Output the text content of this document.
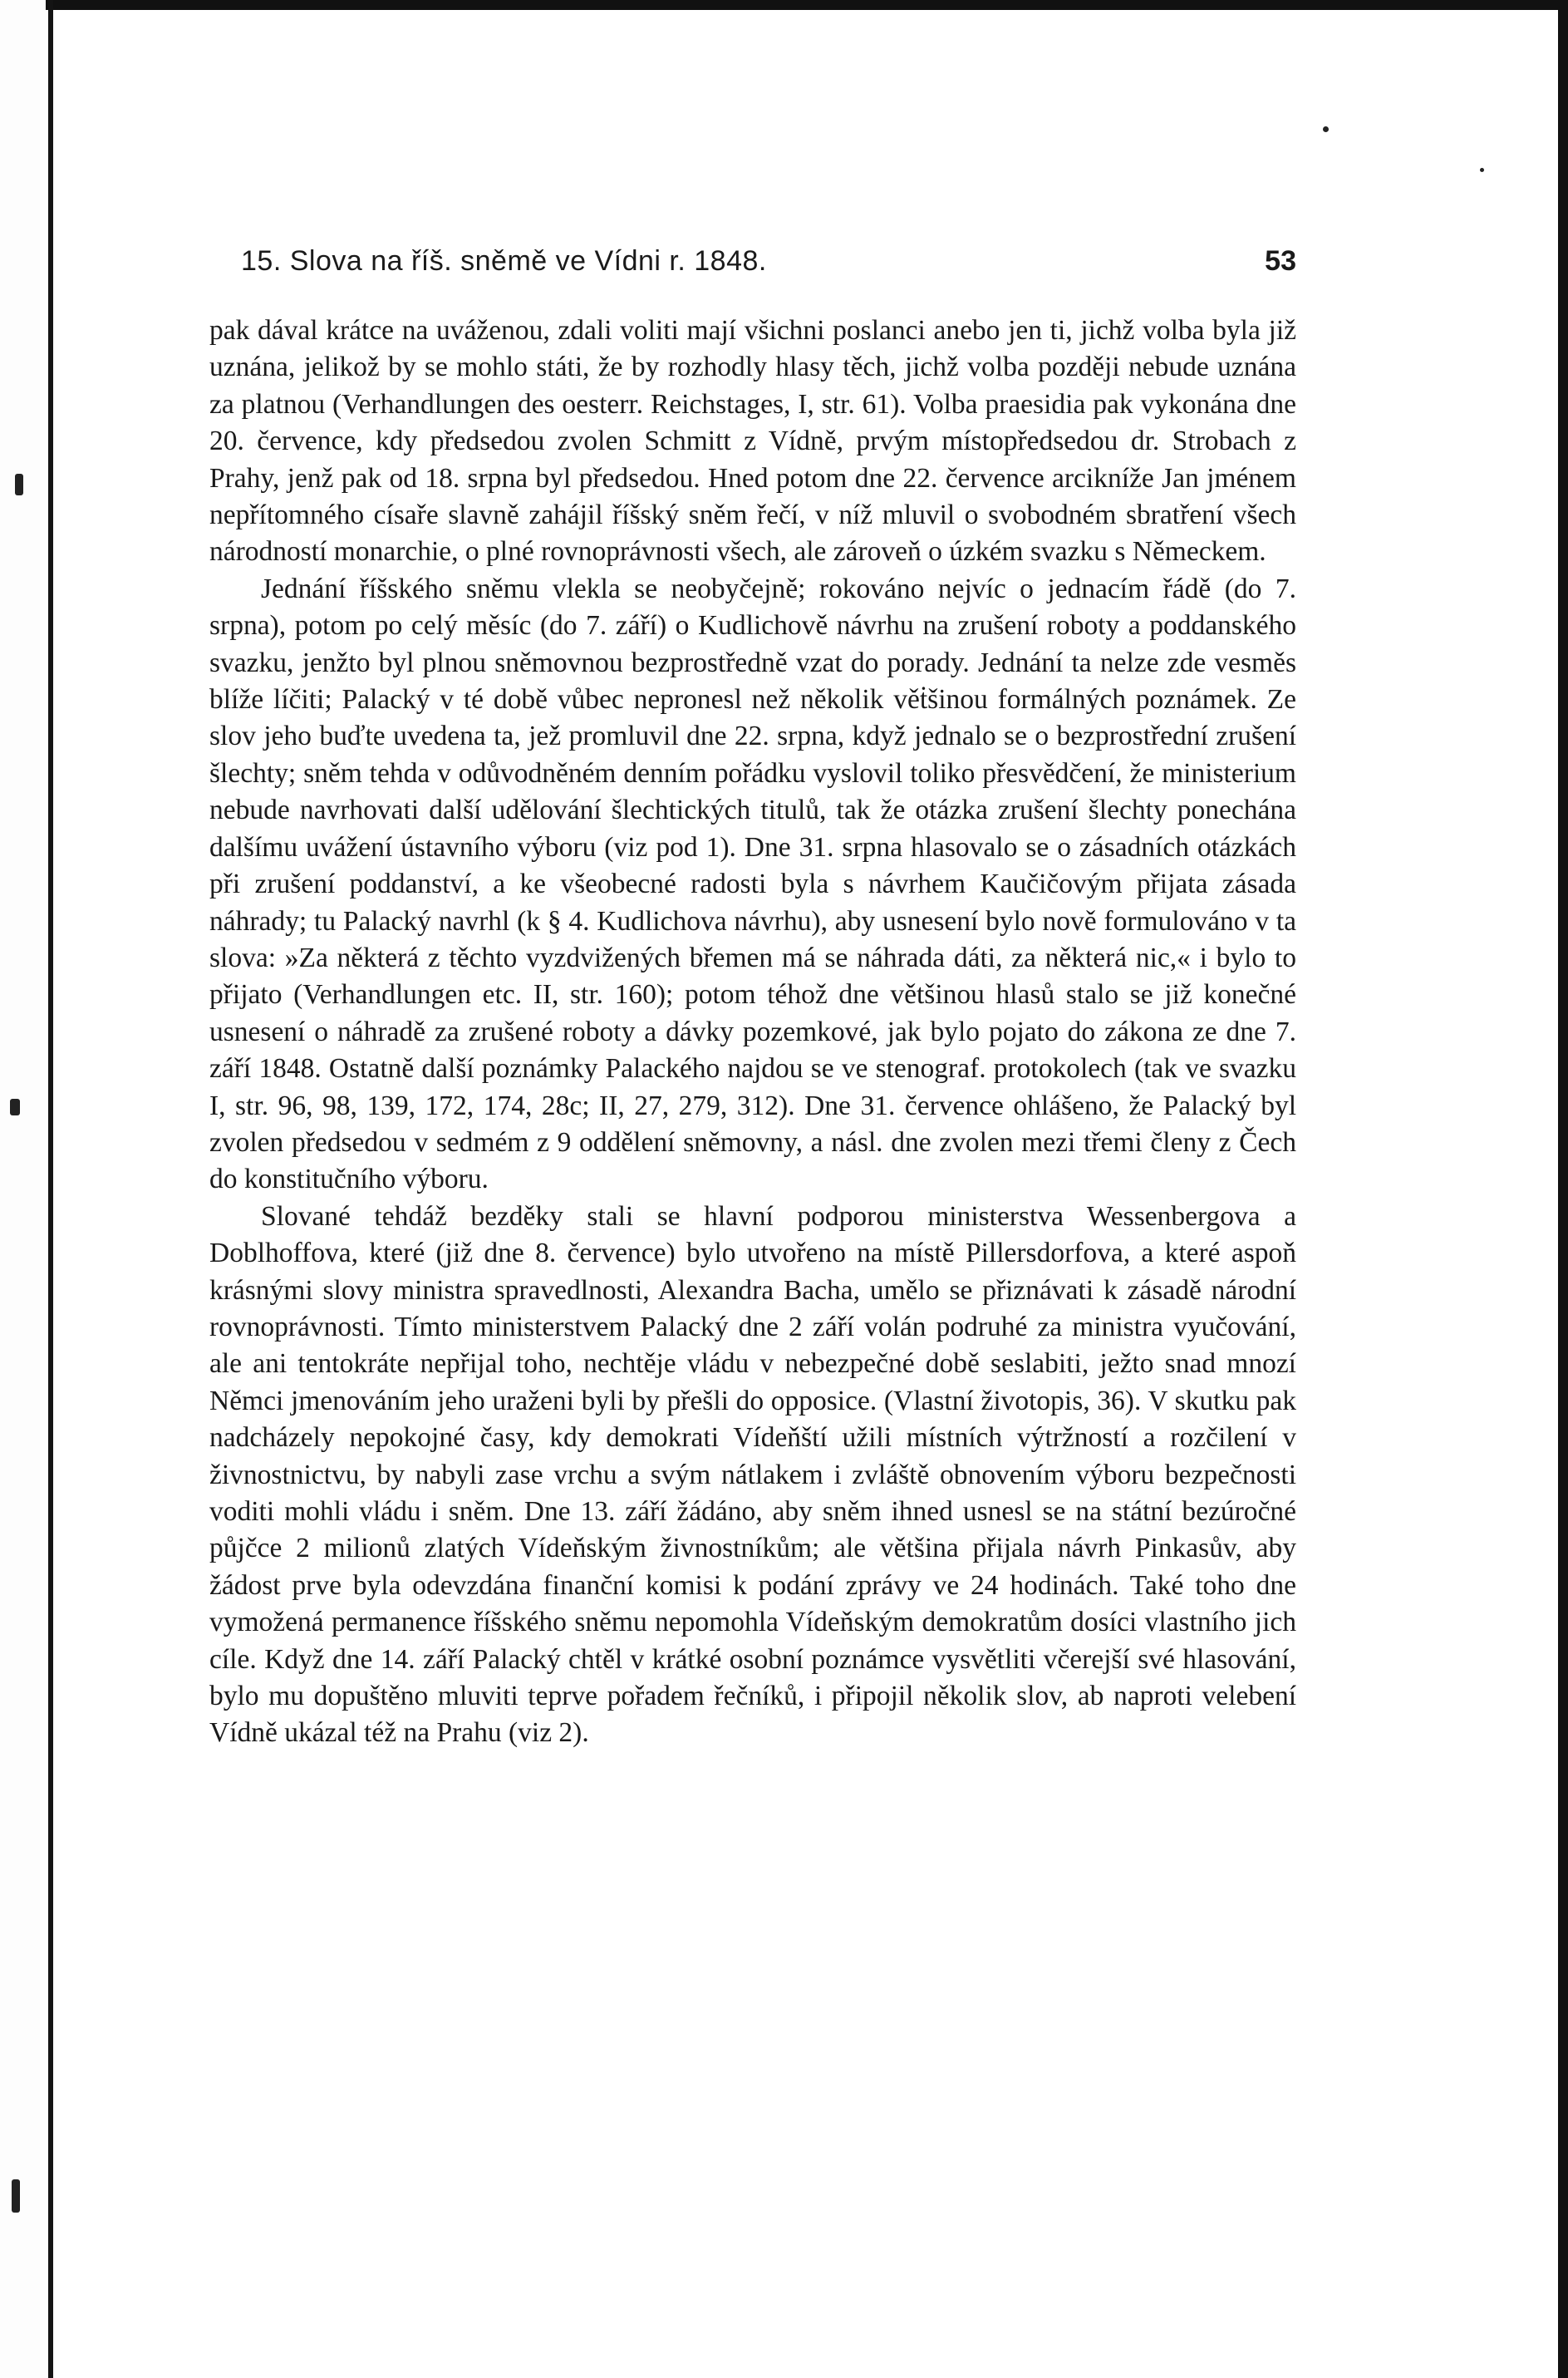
15. Slova na říš. sněmě ve Vídni r. 1848.	53

pak dával krátce na uváženou, zdali voliti mají všichni poslanci anebo jen ti, jichž volba byla již uznána, jelikož by se mohlo státi, že by rozhodly hlasy těch, jichž volba později nebude uznána za platnou (Verhandlungen des oesterr. Reichstages, I, str. 61). Volba praesidia pak vykonána dne 20. července, kdy předsedou zvolen Schmitt z Vídně, prvým místopředsedou dr. Strobach z Prahy, jenž pak od 18. srpna byl předsedou. Hned potom dne 22. července arcikníže Jan jménem nepřítomného císaře slavně zahájil říšský sněm řečí, v níž mluvil o svobodném sbratření všech národností monarchie, o plné rovnoprávnosti všech, ale zároveň o úzkém svazku s Německem.

Jednání říšského sněmu vlekla se neobyčejně; rokováno nejvíc o jednacím řádě (do 7. srpna), potom po celý měsíc (do 7. září) o Kudlichově návrhu na zrušení roboty a poddanského svazku, jenžto byl plnou sněmovnou bezprostředně vzat do porady. Jednání ta nelze zde vesměs blíže líčiti; Palacký v té době vůbec nepronesl než několik věṫšinou formálných poznámek. Ze slov jeho buďte uvedena ta, jež promluvil dne 22. srpna, když jednalo se o bezprostřední zrušení šlechty; sněm tehda v odůvodněném denním pořádku vyslovil toliko přesvědčení, že ministerium nebude navrhovati další udělování šlechtických titulů, tak že otázka zrušení šlechty ponechána dalšímu uvážení ústavního výboru (viz pod 1). Dne 31. srpna hlasovalo se o zásadních otázkách při zrušení poddanství, a ke všeobecné radosti byla s návrhem Kaučičovým přijata zásada náhrady; tu Palacký navrhl (k § 4. Kudlichova návrhu), aby usnesení bylo nově formulováno v ta slova: »Za některá z těchto vyzdvižených břemen má se náhrada dáti, za některá nic,« i bylo to přijato (Verhandlungen etc. II, str. 160); potom téhož dne většinou hlasů stalo se již konečné usnesení o náhradě za zrušené roboty a dávky pozemkové, jak bylo pojato do zákona ze dne 7. září 1848. Ostatně další poznámky Palackého najdou se ve stenograf. protokolech (tak ve svazku I, str. 96, 98, 139, 172, 174, 28c; II, 27, 279, 312). Dne 31. července ohlášeno, že Palacký byl zvolen předsedou v sedmém z 9 oddělení sněmovny, a násl. dne zvolen mezi třemi členy z Čech do konstitučního výboru.

Slované tehdáž bezděky stali se hlavní podporou ministerstva Wessenbergova a Doblhoffova, které (již dne 8. července) bylo utvořeno na místě Pillersdorfova, a které aspoň krásnými slovy ministra spravedlnosti, Alexandra Bacha, umělo se přiznávati k zásadě národní rovnoprávnosti. Tímto ministerstvem Palacký dne 2 září volán podruhé za ministra vyučování, ale ani tentokráte nepřijal toho, nechtěje vládu v nebezpečné době seslabiti, ježto snad mnozí Němci jmenováním jeho uraženi byli by přešli do opposice. (Vlastní životopis, 36). V skutku pak nadcházely nepokojné časy, kdy demokrati Vídeňští užili místních výtržností a rozčilení v živnostnictvu, by nabyli zase vrchu a svým nátlakem i zvláště obnovením výboru bezpečnosti voditi mohli vládu i sněm. Dne 13. září žádáno, aby sněm ihned usnesl se na státní bezúročné půjčce 2 milionů zlatých Vídeňským živnostníkům; ale většina přijala návrh Pinkasův, aby žádost prve byla odevzdána finanční komisi k podání zprávy ve 24 hodinách. Také toho dne vymožená permanence říšského sněmu nepomohla Vídeňským demokratům dosíci vlastního jich cíle. Když dne 14. září Palacký chtěl v krátké osobní poznámce vysvětliti včerejší své hlasování, bylo mu dopuštěno mluviti teprve pořadem řečníků, i připojil několik slov, ab naproti velebení Vídně ukázal též na Prahu (viz 2).
